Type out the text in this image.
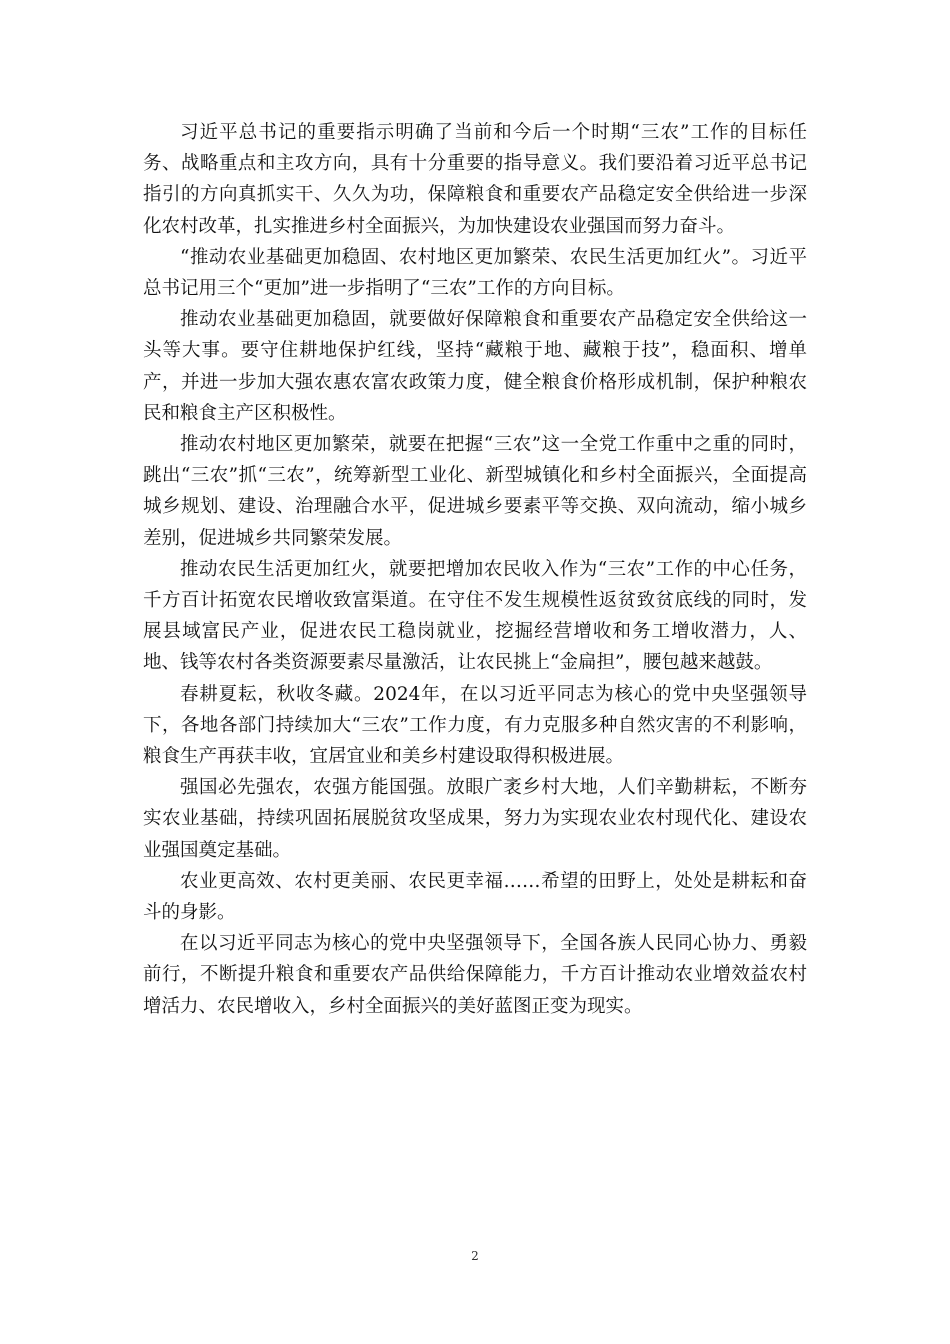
习近平总书记的重要指示明确了当前和今后一个时期“三农”工作的目标任务、战略重点和主攻方向，具有十分重要的指导意义。我们要沿着习近平总书记指引的方向真抓实干、久久为功，保障粮食和重要农产品稳定安全供给进一步深化农村改革，扎实推进乡村全面振兴，为加快建设农业强国而努力奋斗。

“推动农业基础更加稳固、农村地区更加繁荣、农民生活更加红火”。习近平总书记用三个“更加”进一步指明了“三农”工作的方向目标。

推动农业基础更加稳固，就要做好保障粮食和重要农产品稳定安全供给这一头等大事。要守住耕地保护红线，坚持“藏粮于地、藏粮于技”，稳面积、增单产，并进一步加大强农惠农富农政策力度，健全粮食价格形成机制，保护种粮农民和粮食主产区积极性。

推动农村地区更加繁荣，就要在把握“三农”这一全党工作重中之重的同时，跳出“三农”抓“三农”，统筹新型工业化、新型城镇化和乡村全面振兴，全面提高城乡规划、建设、治理融合水平，促进城乡要素平等交换、双向流动，缩小城乡差别，促进城乡共同繁荣发展。

推动农民生活更加红火，就要把增加农民收入作为“三农”工作的中心任务，千方百计拓宽农民增收致富渠道。在守住不发生规模性返贫致贫底线的同时，发展县域富民产业，促进农民工稳岗就业，挖掘经营增收和务工增收潜力，人、地、钱等农村各类资源要素尽量激活，让农民挑上“金扁担”，腰包越来越鼓。

春耕夏耘，秋收冬藏。2024年，在以习近平同志为核心的党中央坚强领导下，各地各部门持续加大“三农”工作力度，有力克服多种自然灾害的不利影响，粮食生产再获丰收，宜居宜业和美乡村建设取得积极进展。

强国必先强农，农强方能国强。放眼广袤乡村大地，人们辛勤耕耘，不断夯实农业基础，持续巩固拓展脱贫攻坚成果，努力为实现农业农村现代化、建设农业强国奠定基础。

农业更高效、农村更美丽、农民更幸福……希望的田野上，处处是耕耘和奋斗的身影。

在以习近平同志为核心的党中央坚强领导下，全国各族人民同心协力、勇毅前行，不断提升粮食和重要农产品供给保障能力，千方百计推动农业增效益农村增活力、农民增收入，乡村全面振兴的美好蓝图正变为现实。

2
